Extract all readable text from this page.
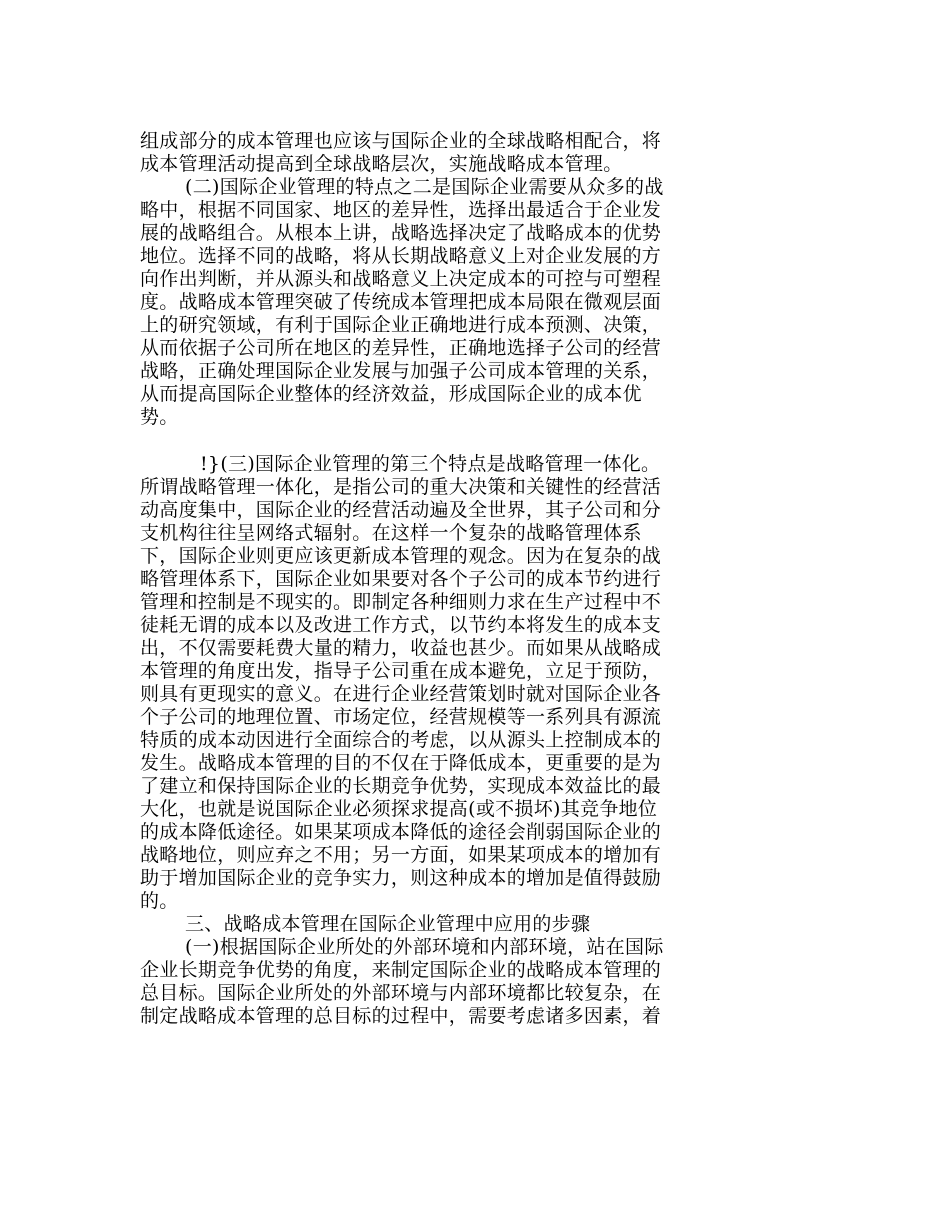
组成部分的成本管理也应该与国际企业的全球战略相配合，将
成本管理活动提高到全球战略层次，实施战略成本管理。
(二)国际企业管理的特点之二是国际企业需要从众多的战
略中，根据不同国家、地区的差异性，选择出最适合于企业发
展的战略组合。从根本上讲，战略选择决定了战略成本的优势
地位。选择不同的战略，将从长期战略意义上对企业发展的方
向作出判断，并从源头和战略意义上决定成本的可控与可塑程
度。战略成本管理突破了传统成本管理把成本局限在微观层面
上的研究领域，有利于国际企业正确地进行成本预测、决策，
从而依据子公司所在地区的差异性，正确地选择子公司的经营
战略，正确处理国际企业发展与加强子公司成本管理的关系，
从而提高国际企业整体的经济效益，形成国际企业的成本优
势。
!}(三)国际企业管理的第三个特点是战略管理一体化。
所谓战略管理一体化，是指公司的重大决策和关键性的经营活
动高度集中，国际企业的经营活动遍及全世界，其子公司和分
支机构往往呈网络式辐射。在这样一个复杂的战略管理体系
下，国际企业则更应该更新成本管理的观念。因为在复杂的战
略管理体系下，国际企业如果要对各个子公司的成本节约进行
管理和控制是不现实的。即制定各种细则力求在生产过程中不
徒耗无谓的成本以及改进工作方式，以节约本将发生的成本支
出，不仅需要耗费大量的精力，收益也甚少。而如果从战略成
本管理的角度出发，指导子公司重在成本避免，立足于预防，
则具有更现实的意义。在进行企业经营策划时就对国际企业各
个子公司的地理位置、市场定位，经营规模等一系列具有源流
特质的成本动因进行全面综合的考虑，以从源头上控制成本的
发生。战略成本管理的目的不仅在于降低成本，更重要的是为
了建立和保持国际企业的长期竞争优势，实现成本效益比的最
大化，也就是说国际企业必须探求提高(或不损坏)其竞争地位
的成本降低途径。如果某项成本降低的途径会削弱国际企业的
战略地位，则应弃之不用；另一方面，如果某项成本的增加有
助于增加国际企业的竞争实力，则这种成本的增加是值得鼓励
的。
三、战略成本管理在国际企业管理中应用的步骤
(一)根据国际企业所处的外部环境和内部环境，站在国际
企业长期竞争优势的角度，来制定国际企业的战略成本管理的
总目标。国际企业所处的外部环境与内部环境都比较复杂，在
制定战略成本管理的总目标的过程中，需要考虑诸多因素，着
